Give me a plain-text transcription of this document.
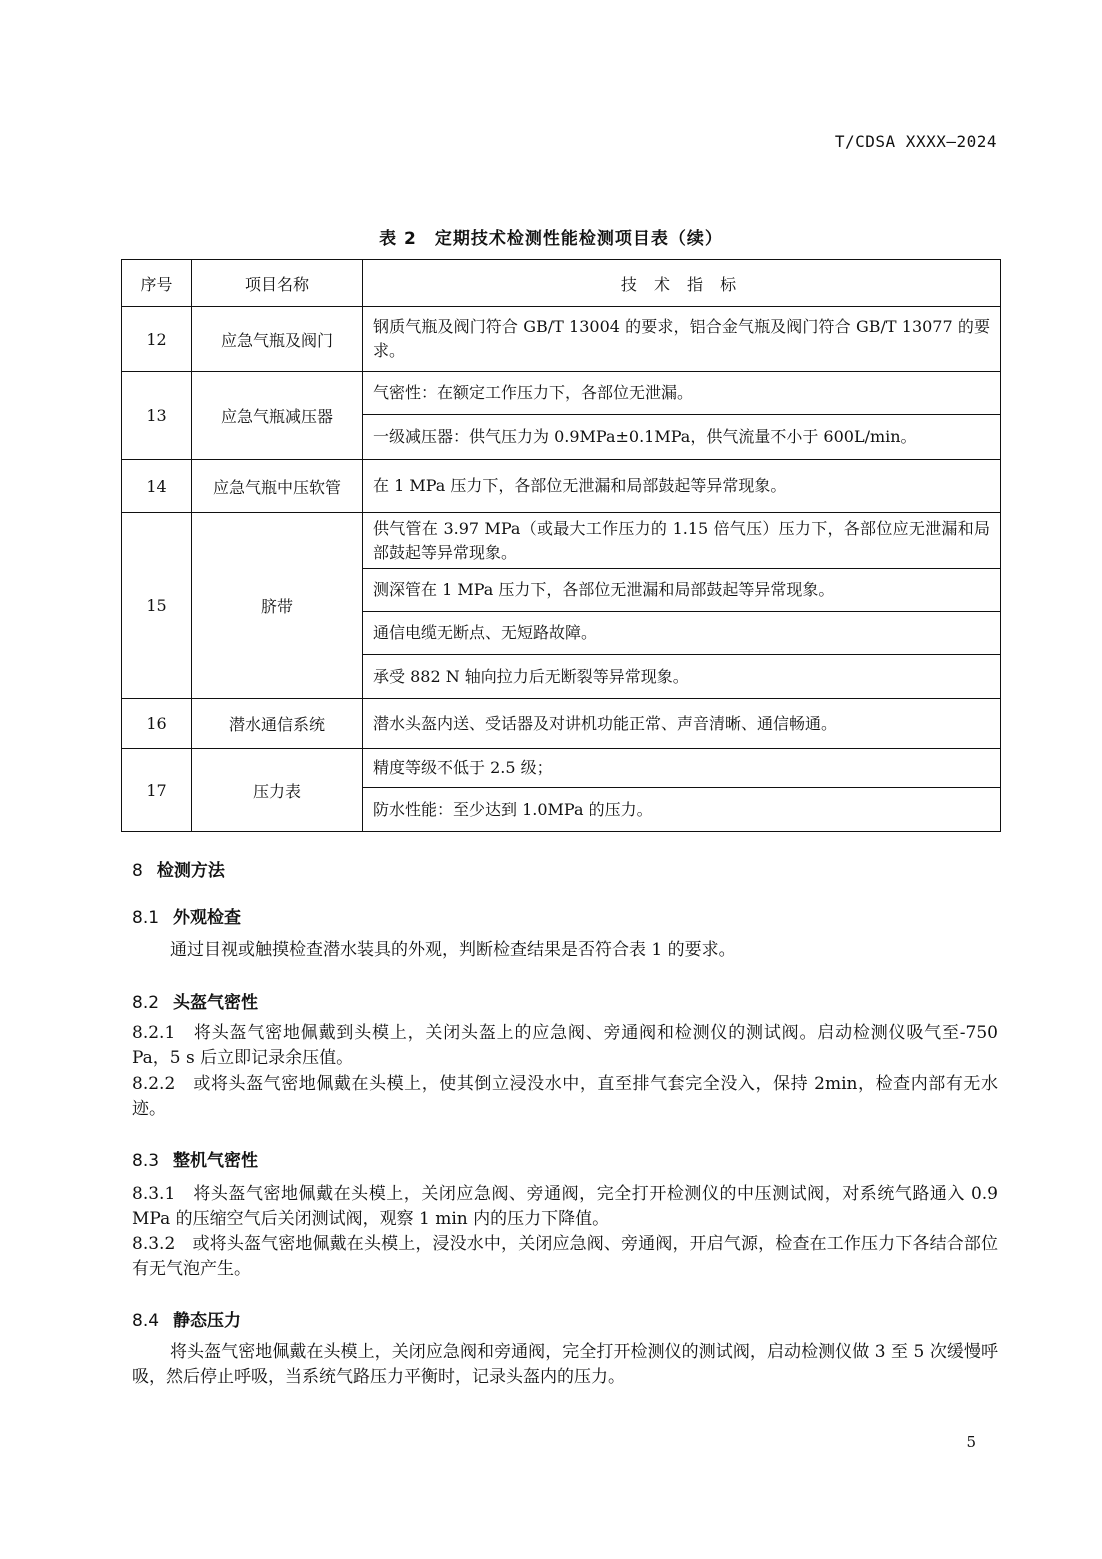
T/CDSA XXXX—2024
表 2　定期技术检测性能检测项目表（续）
序号	项目名称	技 术 指 标
12	应急气瓶及阀门	钢质气瓶及阀门符合 GB/T 13004 的要求，铝合金气瓶及阀门符合 GB/T 13077 的要求。
13	应急气瓶减压器	气密性：在额定工作压力下，各部位无泄漏。
		一级减压器：供气压力为 0.9MPa±0.1MPa，供气流量不小于 600L/min。
14	应急气瓶中压软管	在 1 MPa 压力下，各部位无泄漏和局部鼓起等异常现象。
15	脐带	供气管在 3.97 MPa（或最大工作压力的 1.15 倍气压）压力下，各部位应无泄漏和局部鼓起等异常现象。
		测深管在 1 MPa 压力下，各部位无泄漏和局部鼓起等异常现象。
		通信电缆无断点、无短路故障。
		承受 882 N 轴向拉力后无断裂等异常现象。
16	潜水通信系统	潜水头盔内送、受话器及对讲机功能正常、声音清晰、通信畅通。
17	压力表	精度等级不低于 2.5 级；
		防水性能：至少达到 1.0MPa 的压力。
8 检测方法
8.1 外观检查
通过目视或触摸检查潜水装具的外观，判断检查结果是否符合表 1 的要求。
8.2 头盔气密性
8.2.1　将头盔气密地佩戴到头模上，关闭头盔上的应急阀、旁通阀和检测仪的测试阀。启动检测仪吸气至-750 Pa，5 s 后立即记录余压值。
8.2.2　或将头盔气密地佩戴在头模上，使其倒立浸没水中，直至排气套完全没入，保持 2min，检查内部有无水迹。
8.3 整机气密性
8.3.1　将头盔气密地佩戴在头模上，关闭应急阀、旁通阀，完全打开检测仪的中压测试阀，对系统气路通入 0.9 MPa 的压缩空气后关闭测试阀，观察 1 min 内的压力下降值。
8.3.2　或将头盔气密地佩戴在头模上，浸没水中，关闭应急阀、旁通阀，开启气源，检查在工作压力下各结合部位有无气泡产生。
8.4 静态压力
将头盔气密地佩戴在头模上，关闭应急阀和旁通阀，完全打开检测仪的测试阀，启动检测仪做 3 至 5 次缓慢呼吸，然后停止呼吸，当系统气路压力平衡时，记录头盔内的压力。
5
